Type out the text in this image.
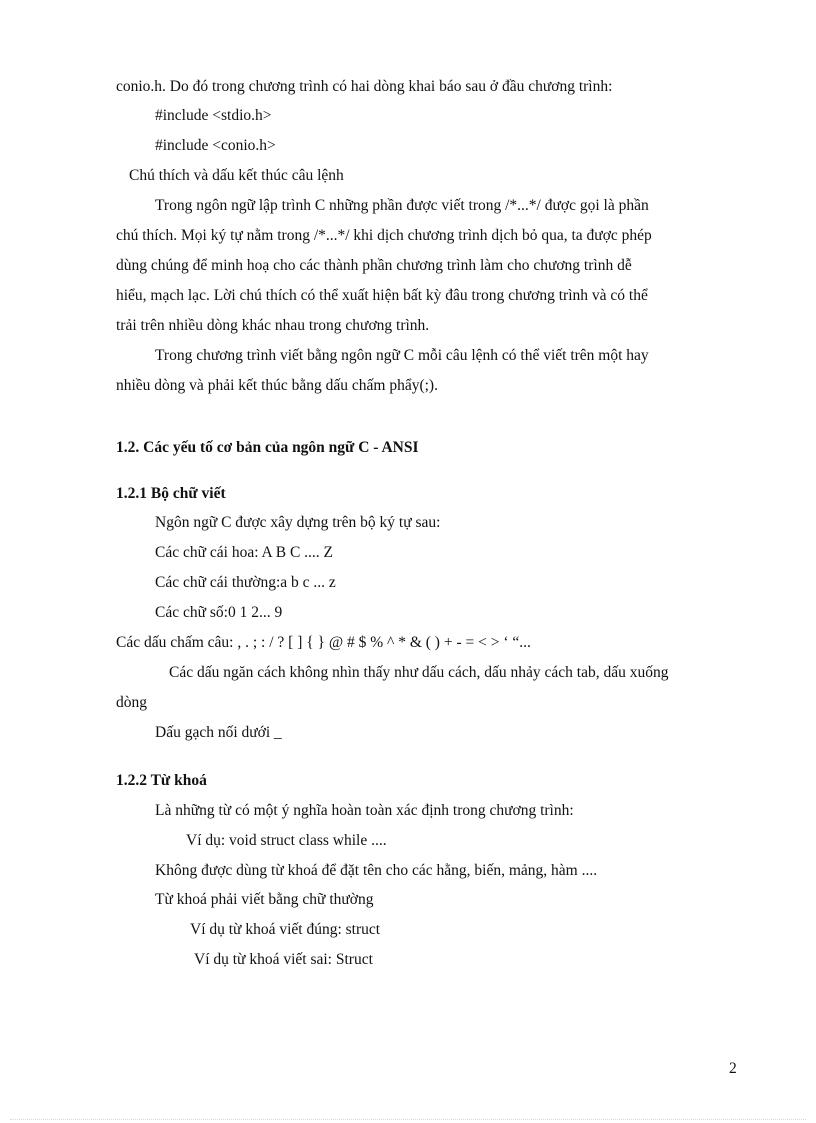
conio.h. Do đó trong chương trình có hai dòng khai báo sau ở đầu chương trình:
#include <stdio.h>
#include <conio.h>
Chú thích và dấu kết thúc câu lệnh
Trong ngôn ngữ lập trình C những phần được viết trong /*...*/ được gọi là phần
chú thích. Mọi ký tự nằm trong /*...*/ khi dịch chương trình dịch bỏ qua, ta được phép
dùng chúng để minh hoạ cho các thành phần chương trình làm cho chương trình dễ
hiểu, mạch lạc. Lời chú thích có thể xuất hiện bất kỳ đâu trong chương trình và có thể
trải trên nhiều dòng khác nhau trong chương trình.
Trong chương trình viết bằng ngôn ngữ C mỗi câu lệnh có thể viết trên một hay
nhiều dòng và phải kết thúc bằng dấu chấm phẩy(;).
1.2. Các yếu tố cơ bản của ngôn ngữ C - ANSI
1.2.1 Bộ chữ viết
Ngôn ngữ C được xây dựng trên bộ ký tự sau:
Các chữ cái hoa: A B C .... Z
Các chữ cái thường:a b c ... z
Các chữ số:0 1 2... 9
Các dấu chấm câu: , . ; : / ? [ ] { } @ # $ % ^ * & ( ) + - = < > ‘ “...
Các dấu ngăn cách không nhìn thấy như dấu cách, dấu nhảy cách tab, dấu xuống
dòng
Dấu gạch nối dưới _
1.2.2 Từ khoá
Là những từ có một ý nghĩa hoàn toàn xác định trong chương trình:
Ví dụ: void struct class while ....
Không được dùng từ khoá để đặt tên cho các hằng, biến, mảng, hàm ....
Từ khoá phải viết bằng chữ thường
Ví dụ từ khoá viết đúng: struct
Ví dụ từ khoá viết sai: Struct
2
